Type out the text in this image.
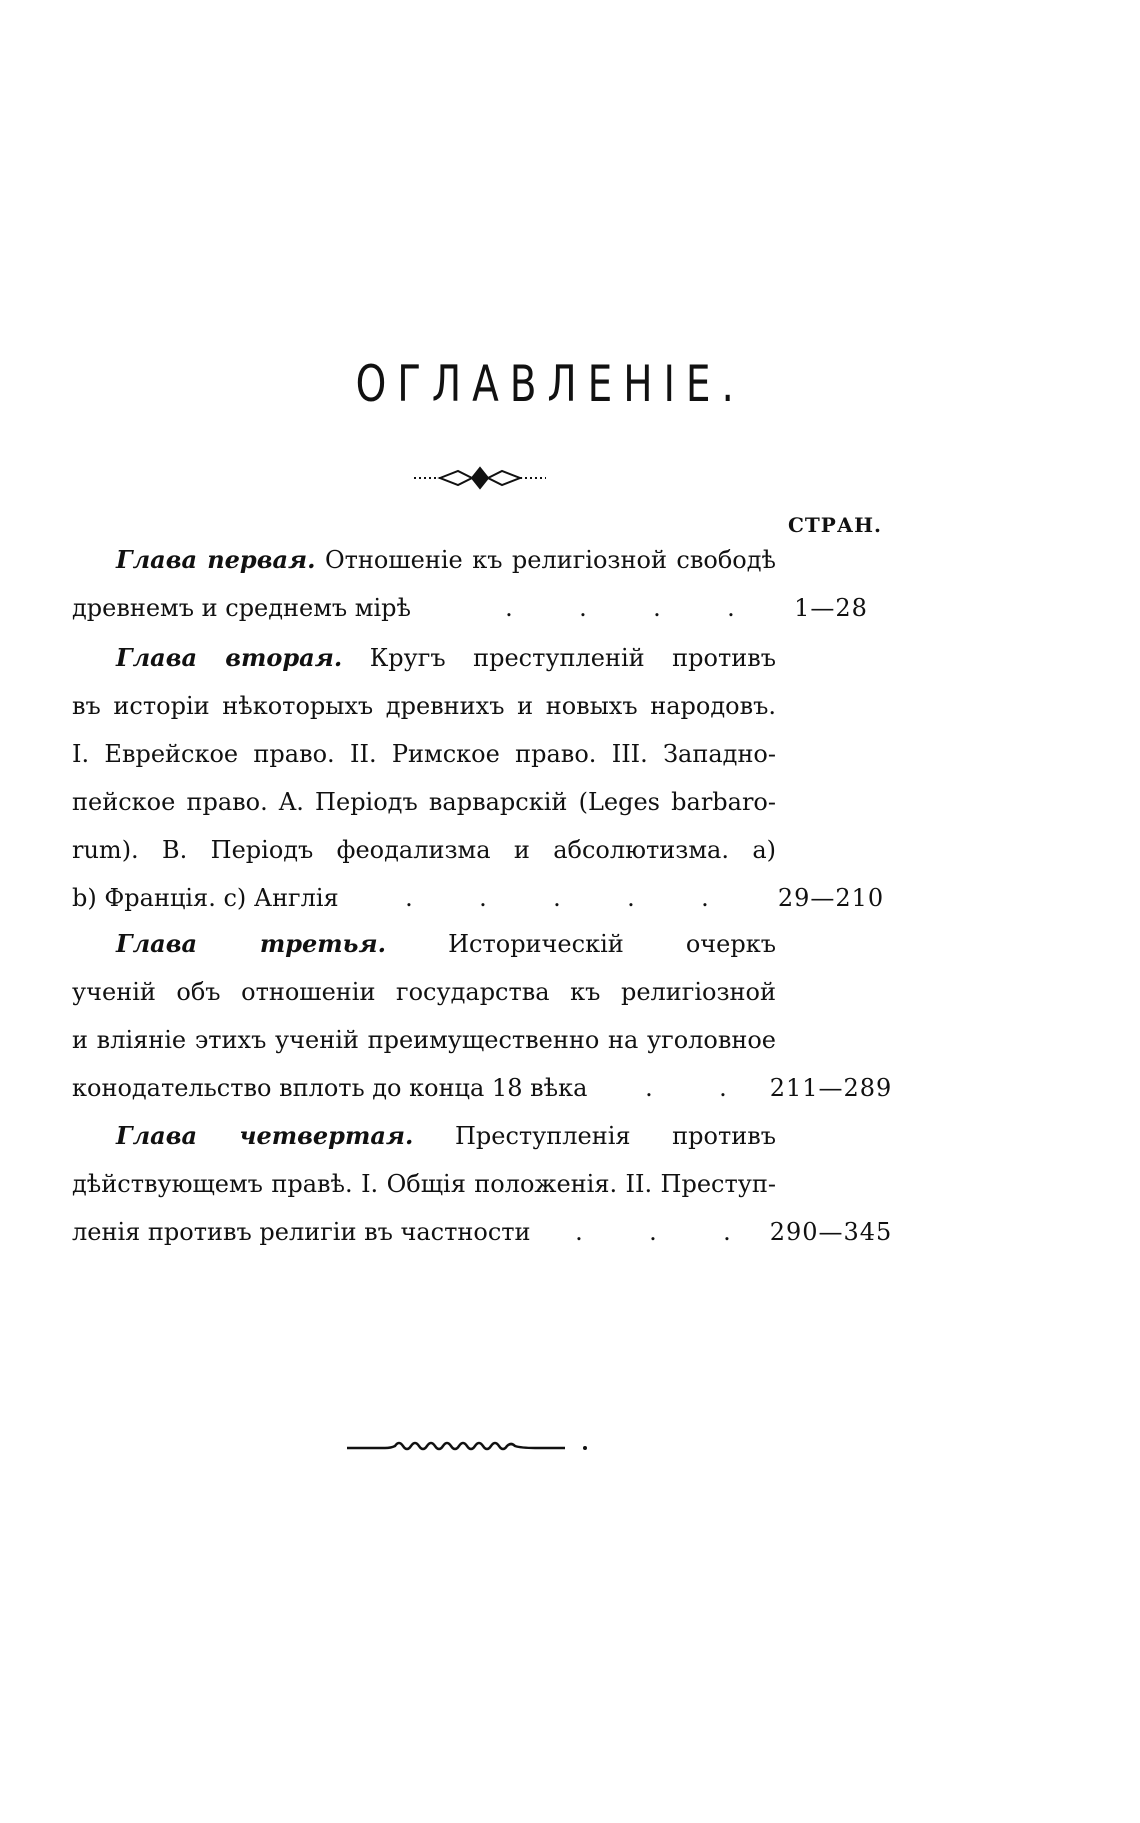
ОГЛАВЛЕНІЕ.
СТРАН.
Глава первая. Отношеніе къ религіозной свободѣ
древнемъ и среднемъ мірѣ	.	.	.	.	1—28
Глава вторая. Кругъ преступленій противъ
въ исторіи нѣкоторыхъ древнихъ и новыхъ народовъ.
I. Еврейское право. II. Римское право. III. Западно-
пейское право. A. Періодъ варварскій (Leges barbaro-
rum). B. Періодъ феодализма и абсолютизма. a)
b) Франція. c) Англія	.	.	.	.	.	29—210
Глава третья.	Историческій очеркъ
ученій объ отношеніи государства къ религіозной
и вліяніе этихъ ученій преимущественно на уголовное
конодательство вплоть до конца 18 вѣка	.	.	211—289
Глава четвертая. Преступленія противъ
дѣйствующемъ правѣ. I. Общія положенія. II. Преступ-
ленія противъ религіи въ частности	.	.	.	290—345
